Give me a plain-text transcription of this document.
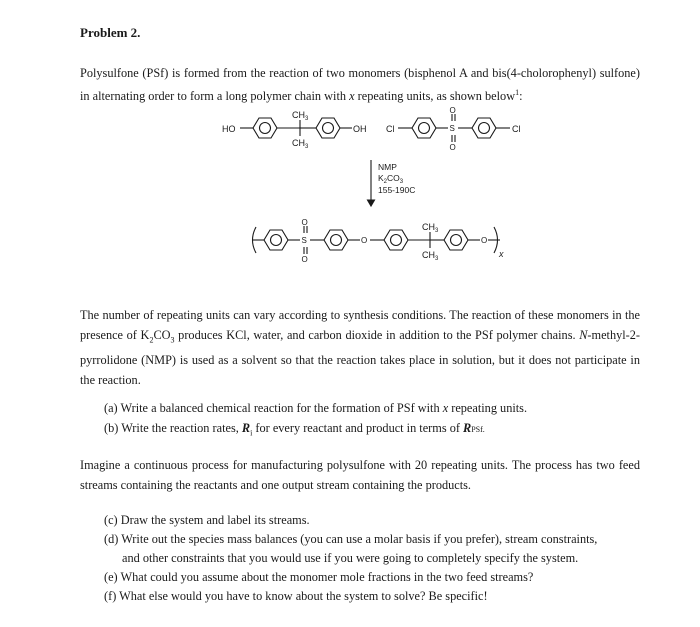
Problem 2.

Polysulfone (PSf) is formed from the reaction of two monomers (bisphenol A and bis(4-cholorophenyl) sulfone) in alternating order to form a long polymer chain with x repeating units, as shown below$^1$:

HO	OH
$CH_3$
$CH_3$
Cl	S
O
O
Cl
NMP
$K_2CO_3$
155-190C
S
O
O
O	O
$CH_3$
$CH_3$	x

The number of repeating units can vary according to synthesis conditions. The reaction of these monomers in the presence of $K_2CO_3$ produces KCl, water, and carbon dioxide in addition to the PSf polymer chains. N-methyl-2-pyrrolidone (NMP) is used as a solvent so that the reaction takes place in solution, but it does not participate in the reaction.

(a) Write a balanced chemical reaction for the formation of PSf with x repeating units.
(b) Write the reaction rates, $R_i$ for every reactant and product in terms of RPSf.

Imagine a continuous process for manufacturing polysulfone with 20 repeating units. The process has two feed streams containing the reactants and one output stream containing the products.

(c) Draw the system and label its streams.
(d) Write out the species mass balances (you can use a molar basis if you prefer), stream constraints,
and other constraints that you would use if you were going to completely specify the system.
(e) What could you assume about the monomer mole fractions in the two feed streams?
(f) What else would you have to know about the system to solve? Be specific!
